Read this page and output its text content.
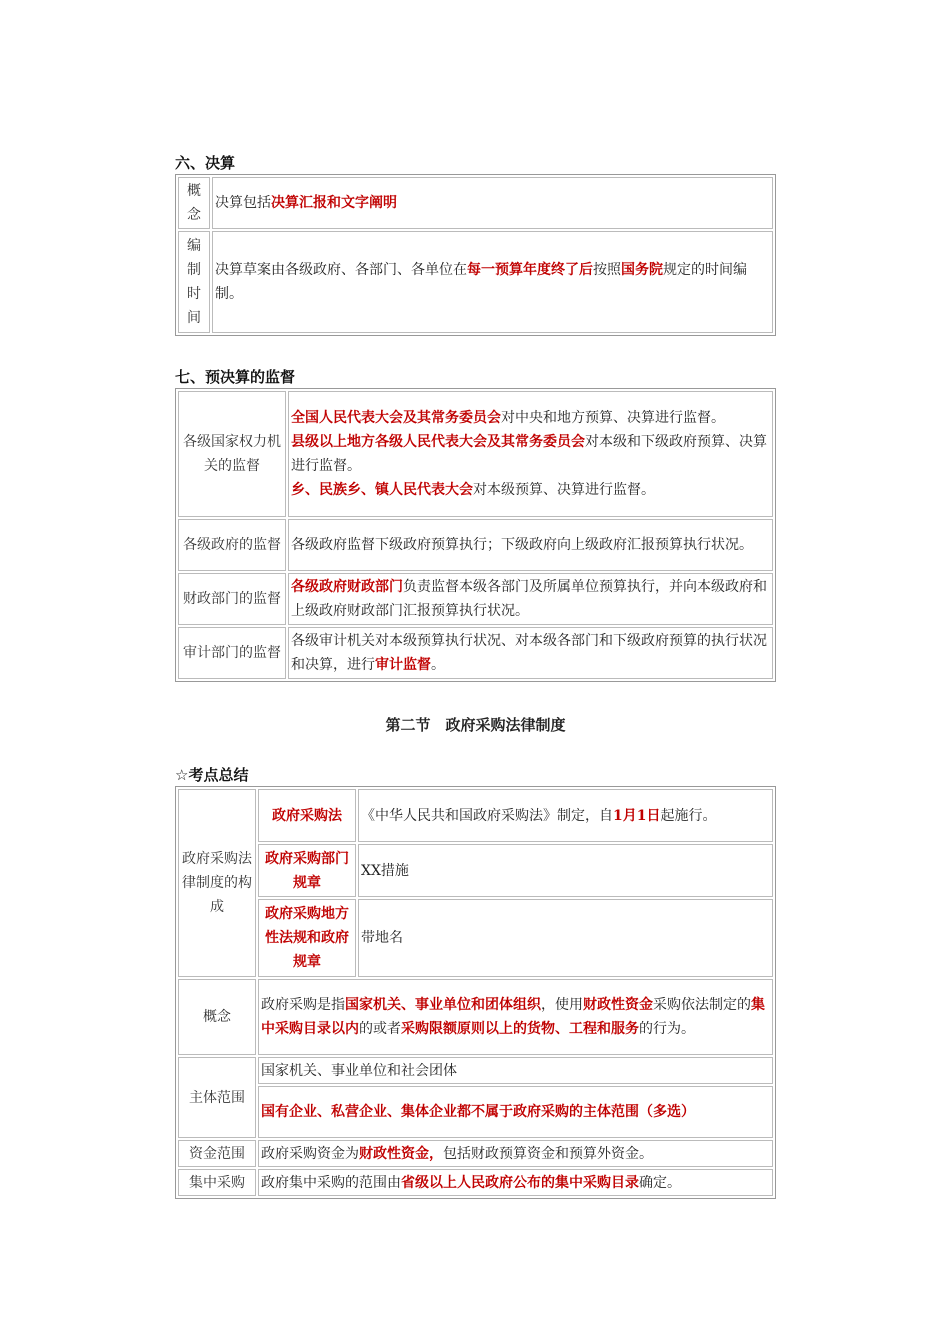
六、决算
概念	决算包括决算汇报和文字阐明
编制时间	决算草案由各级政府、各部门、各单位在每一预算年度终了后按照国务院规定的时间编制。
七、预决算的监督
各级国家权力机关的监督	全国人民代表大会及其常务委员会对中央和地方预算、决算进行监督。
县级以上地方各级人民代表大会及其常务委员会对本级和下级政府预算、决算进行监督。
乡、民族乡、镇人民代表大会对本级预算、决算进行监督。
各级政府的监督	各级政府监督下级政府预算执行；下级政府向上级政府汇报预算执行状况。
财政部门的监督	各级政府财政部门负责监督本级各部门及所属单位预算执行，并向本级政府和上级政府财政部门汇报预算执行状况。
审计部门的监督	各级审计机关对本级预算执行状况、对本级各部门和下级政府预算的执行状况和决算，进行审计监督。
第二节　政府采购法律制度
☆考点总结
政府采购法律制度的构成	政府采购法	《中华人民共和国政府采购法》制定，自1月1日起施行。
	政府采购部门规章	XX措施
	政府采购地方性法规和政府规章	带地名
概念	政府采购是指国家机关、事业单位和团体组织，使用财政性资金采购依法制定的集中采购目录以内的或者采购限额原则以上的货物、工程和服务的行为。	
主体范围	国家机关、事业单位和社会团体	
	国有企业、私营企业、集体企业都不属于政府采购的主体范围（多选）	
资金范围	政府采购资金为财政性资金，包括财政预算资金和预算外资金。	
集中采购	政府集中采购的范围由省级以上人民政府公布的集中采购目录确定。	
